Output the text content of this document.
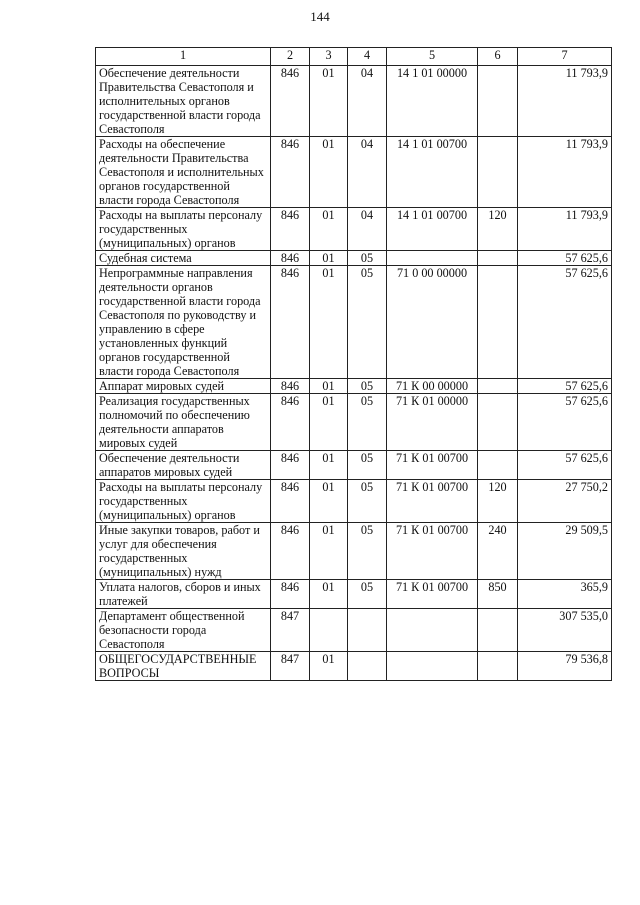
144
1	2	3	4	5	6	7
Обеспечение деятельности Правительства Севастополя и исполнительных органов государственной власти города Севастополя	846	01	04	14 1 01 00000		11 793,9
Расходы на обеспечение деятельности Правительства Севастополя и исполнительных органов государственной власти города Севастополя	846	01	04	14 1 01 00700		11 793,9
Расходы на выплаты персоналу государственных (муниципальных) органов	846	01	04	14 1 01 00700	120	11 793,9
Судебная система	846	01	05			57 625,6
Непрограммные направления деятельности органов государственной власти города Севастополя по руководству и управлению в сфере установленных функций органов государственной власти города Севастополя	846	01	05	71 0 00 00000		57 625,6
Аппарат мировых судей	846	01	05	71 К 00 00000		57 625,6
Реализация государственных полномочий по обеспечению деятельности аппаратов мировых судей	846	01	05	71 К 01 00000		57 625,6
Обеспечение деятельности аппаратов мировых судей	846	01	05	71 К 01 00700		57 625,6
Расходы на выплаты персоналу государственных (муниципальных) органов	846	01	05	71 К 01 00700	120	27 750,2
Иные закупки товаров, работ и услуг для обеспечения государственных (муниципальных) нужд	846	01	05	71 К 01 00700	240	29 509,5
Уплата налогов, сборов и иных платежей	846	01	05	71 К 01 00700	850	365,9
Департамент общественной безопасности города Севастополя	847					307 535,0
ОБЩЕГОСУДАРСТВЕННЫЕ ВОПРОСЫ	847	01				79 536,8
